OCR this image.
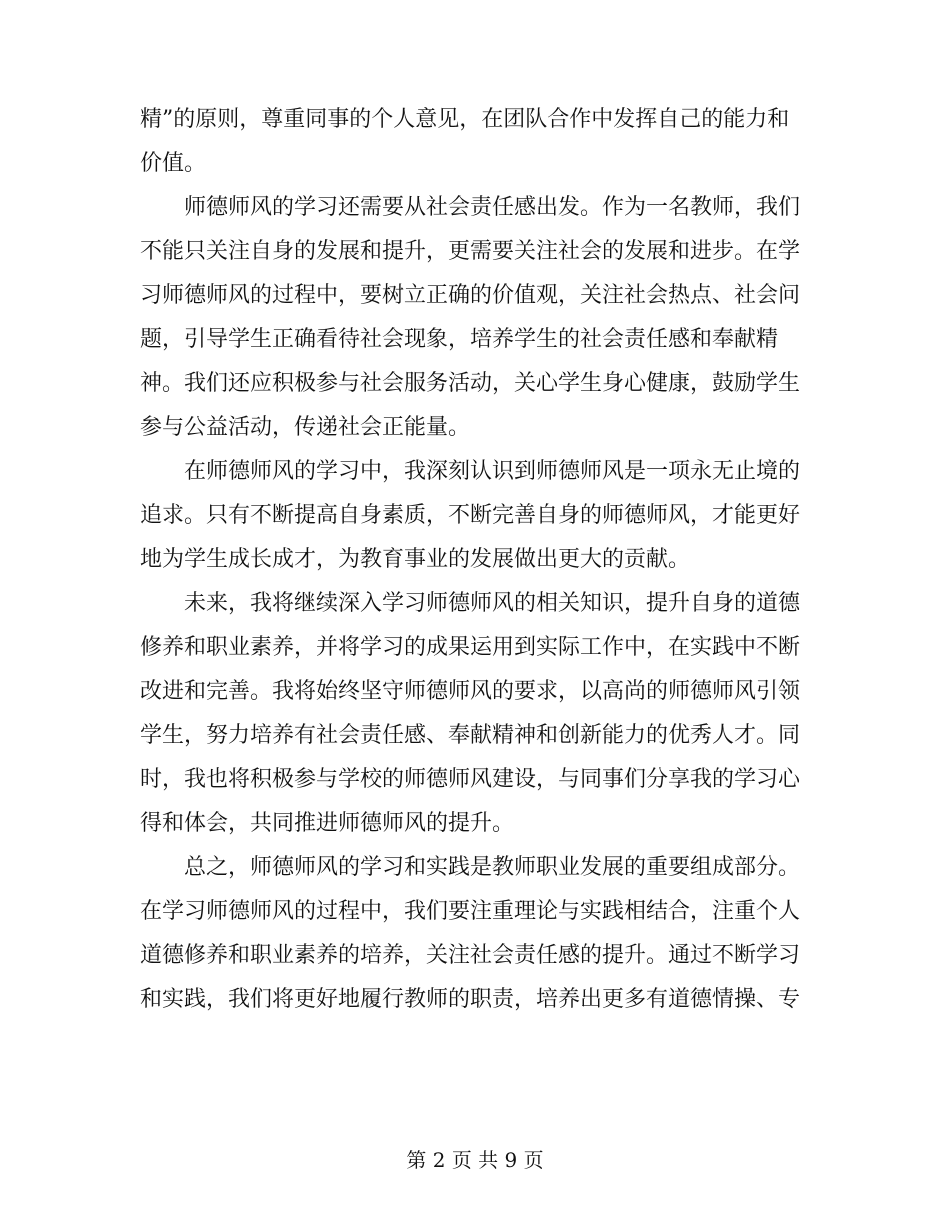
精”的原则，尊重同事的个人意见，在团队合作中发挥自己的能力和
价值。
　　师德师风的学习还需要从社会责任感出发。作为一名教师，我们
不能只关注自身的发展和提升，更需要关注社会的发展和进步。在学
习师德师风的过程中，要树立正确的价值观，关注社会热点、社会问
题，引导学生正确看待社会现象，培养学生的社会责任感和奉献精
神。我们还应积极参与社会服务活动，关心学生身心健康，鼓励学生
参与公益活动，传递社会正能量。
　　在师德师风的学习中，我深刻认识到师德师风是一项永无止境的
追求。只有不断提高自身素质，不断完善自身的师德师风，才能更好
地为学生成长成才，为教育事业的发展做出更大的贡献。
　　未来，我将继续深入学习师德师风的相关知识，提升自身的道德
修养和职业素养，并将学习的成果运用到实际工作中，在实践中不断
改进和完善。我将始终坚守师德师风的要求，以高尚的师德师风引领
学生，努力培养有社会责任感、奉献精神和创新能力的优秀人才。同
时，我也将积极参与学校的师德师风建设，与同事们分享我的学习心
得和体会，共同推进师德师风的提升。
　　总之，师德师风的学习和实践是教师职业发展的重要组成部分。
在学习师德师风的过程中，我们要注重理论与实践相结合，注重个人
道德修养和职业素养的培养，关注社会责任感的提升。通过不断学习
和实践，我们将更好地履行教师的职责，培养出更多有道德情操、专
第 2 页 共 9 页
